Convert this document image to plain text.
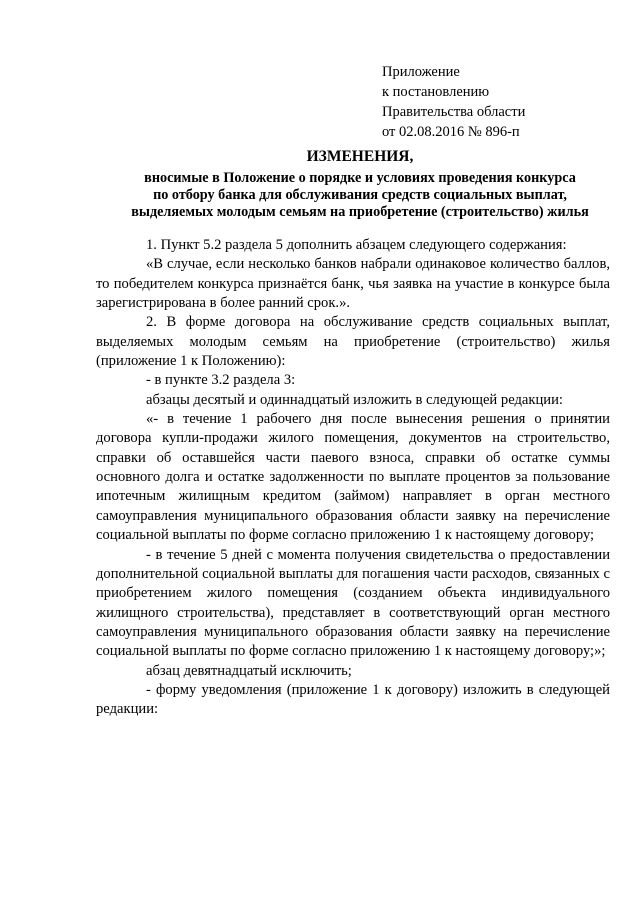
Приложение
к постановлению
Правительства области
от 02.08.2016 № 896-п
ИЗМЕНЕНИЯ,
вносимые в Положение о порядке и условиях проведения конкурса
по отбору банка для обслуживания средств социальных выплат,
выделяемых молодым семьям на приобретение (строительство) жилья

1. Пункт 5.2 раздела 5 дополнить абзацем следующего содержания:

«В случае, если несколько банков набрали одинаковое количество баллов, то победителем конкурса признаётся банк, чья заявка на участие в конкурсе была зарегистрирована в более ранний срок.».

2. В форме договора на обслуживание средств социальных выплат, выделяемых молодым семьям на приобретение (строительство) жилья (приложение 1 к Положению):

- в пункте 3.2 раздела 3:

абзацы десятый и одиннадцатый изложить в следующей редакции:

«- в течение 1 рабочего дня после вынесения решения о принятии договора купли-продажи жилого помещения, документов на строительство, справки об оставшейся части паевого взноса, справки об остатке суммы основного долга и остатке задолженности по выплате процентов за пользование ипотечным жилищным кредитом (займом) направляет в орган местного самоуправления муниципального образования области заявку на перечисление социальной выплаты по форме согласно приложению 1 к настоящему договору;

- в течение 5 дней с момента получения свидетельства о предоставлении дополнительной социальной выплаты для погашения части расходов, связанных с приобретением жилого помещения (созданием объекта индивидуального жилищного строительства), представляет в соответствующий орган местного самоуправления муниципального образования области заявку на перечисление социальной выплаты по форме согласно приложению 1 к настоящему договору;»;

абзац девятнадцатый исключить;

- форму уведомления (приложение 1 к договору) изложить в следующей редакции:
